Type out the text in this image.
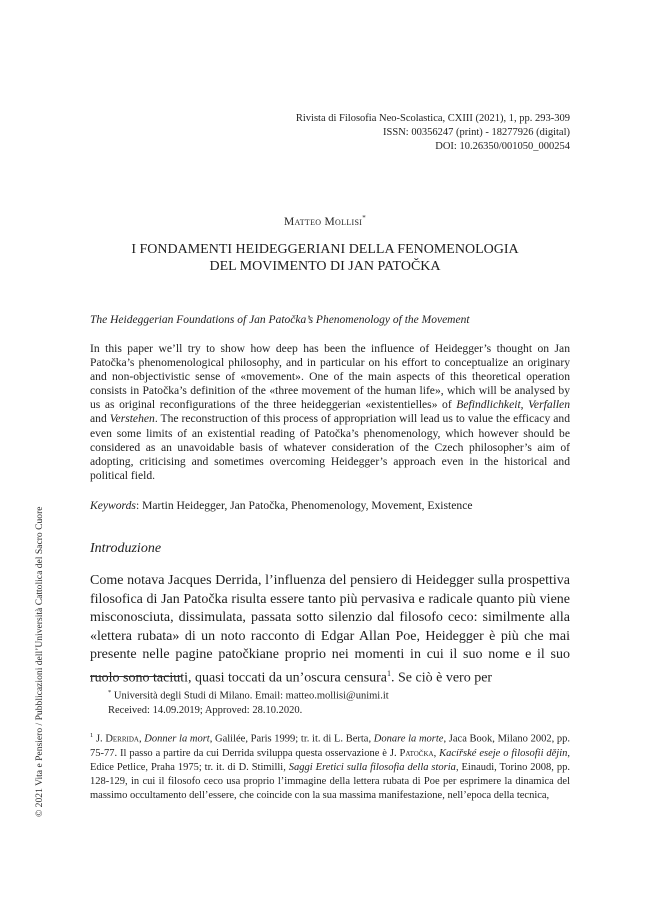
Rivista di Filosofia Neo-Scolastica, CXIII (2021), 1, pp. 293-309
ISSN: 00356247 (print) - 18277926 (digital)
DOI: 10.26350/001050_000254
Matteo Mollisi*
I FONDAMENTI HEIDEGGERIANI DELLA FENOMENOLOGIA
DEL MOVIMENTO DI JAN PATOČKA
The Heideggerian Foundations of Jan Patočka’s Phenomenology of the Movement
In this paper we’ll try to show how deep has been the influence of Heidegger’s thought on Jan Patočka’s phenomenological philosophy, and in particular on his effort to conceptualize an originary and non-objectivistic sense of «movement». One of the main aspects of this theoretical operation consists in Patočka’s definition of the «three movement of the human life», which will be analysed by us as original reconfigurations of the three heideggerian «existentielles» of Befindlichkeit, Verfallen and Verstehen. The reconstruction of this process of appropriation will lead us to value the efficacy and even some limits of an existential reading of Patočka’s phenomenology, which however should be considered as an unavoidable basis of whatever consideration of the Czech philosopher’s aim of adopting, criticising and sometimes overcoming Heidegger’s approach even in the historical and political field.
Keywords: Martin Heidegger, Jan Patočka, Phenomenology, Movement, Existence
Introduzione
Come notava Jacques Derrida, l’influenza del pensiero di Heidegger sulla prospettiva filosofica di Jan Patočka risulta essere tanto più pervasiva e radicale quanto più viene misconosciuta, dissimulata, passata sotto silenzio dal filosofo ceco: similmente alla «lettera rubata» di un noto racconto di Edgar Allan Poe, Heidegger è più che mai presente nelle pagine patočkiane proprio nei momenti in cui il suo nome e il suo ruolo sono taciuti, quasi toccati da un’oscura censura$^1$. Se ciò è vero per
* Università degli Studi di Milano. Email: matteo.mollisi@unimi.it
Received: 14.09.2019; Approved: 28.10.2020.
$^1$ J. Derrida, Donner la mort, Galilée, Paris 1999; tr. it. di L. Berta, Donare la morte, Jaca Book, Milano 2002, pp. 75-77. Il passo a partire da cui Derrida sviluppa questa osservazione è J. Patočka, Kacířské eseje o filosofii dějin, Edice Petlice, Praha 1975; tr. it. di D. Stimilli, Saggi Eretici sulla filosofia della storia, Einaudi, Torino 2008, pp. 128-129, in cui il filosofo ceco usa proprio l’immagine della lettera rubata di Poe per esprimere la dinamica del massimo occultamento dell’essere, che coincide con la sua massima manifestazione, nell’epoca della tecnica,
© 2021 Vita e Pensiero / Pubblicazioni dell’Università Cattolica del Sacro Cuore
